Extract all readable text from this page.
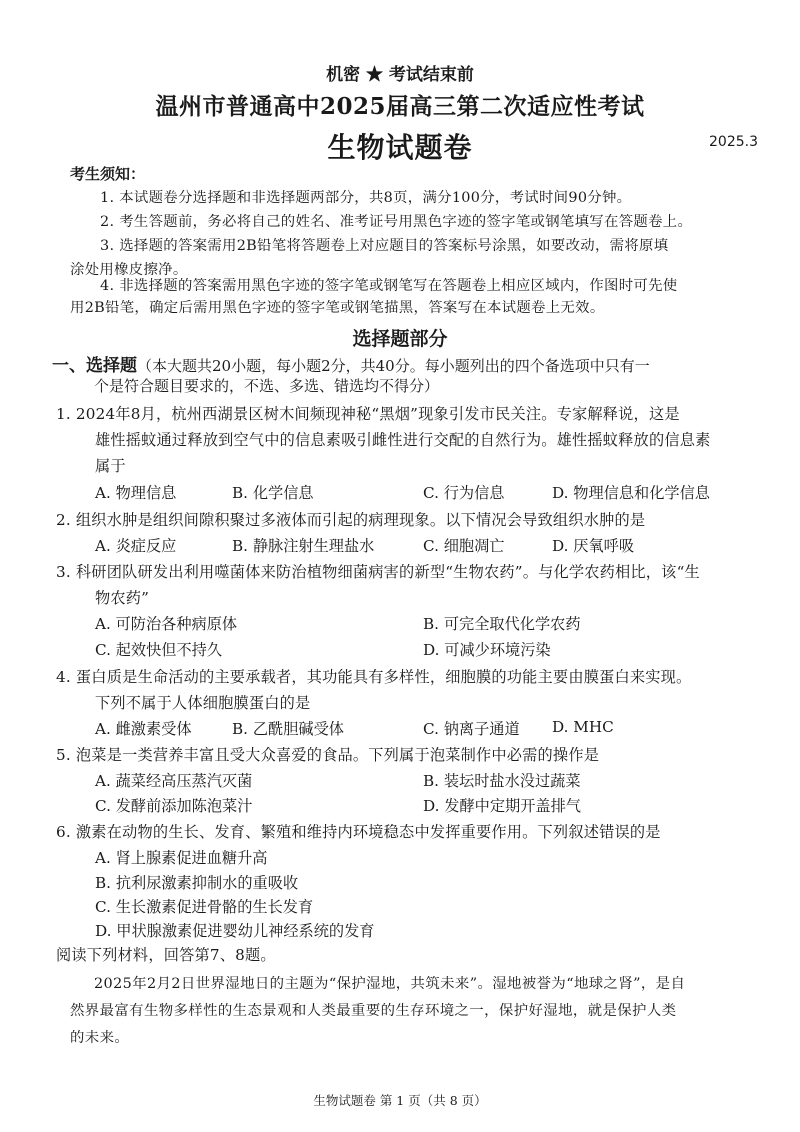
机密 ★ 考试结束前
温州市普通高中2025届高三第二次适应性考试
生物试题卷	2025.3
考生须知：
1. 本试题卷分选择题和非选择题两部分，共8页，满分100分，考试时间90分钟。
2. 考生答题前，务必将自己的姓名、准考证号用黑色字迹的签字笔或钢笔填写在答题卷上。
3. 选择题的答案需用2B铅笔将答题卷上对应题目的答案标号涂黑，如要改动，需将原填
涂处用橡皮擦净。
4. 非选择题的答案需用黑色字迹的签字笔或钢笔写在答题卷上相应区域内，作图时可先使
用2B铅笔，确定后需用黑色字迹的签字笔或钢笔描黑，答案写在本试题卷上无效。
选择题部分
一、选择题（本大题共20小题，每小题2分，共40分。每小题列出的四个备选项中只有一
个是符合题目要求的，不选、多选、错选均不得分）
1. 2024年8月，杭州西湖景区树木间频现神秘“黑烟”现象引发市民关注。专家解释说，这是
雄性摇蚊通过释放到空气中的信息素吸引雌性进行交配的自然行为。雄性摇蚊释放的信息素
属于
A. 物理信息	B. 化学信息	C. 行为信息	D. 物理信息和化学信息
2. 组织水肿是组织间隙积聚过多液体而引起的病理现象。以下情况会导致组织水肿的是
A. 炎症反应	B. 静脉注射生理盐水	C. 细胞凋亡	D. 厌氧呼吸
3. 科研团队研发出利用噬菌体来防治植物细菌病害的新型“生物农药”。与化学农药相比，该“生
物农药”
A. 可防治各种病原体	B. 可完全取代化学农药
C. 起效快但不持久	D. 可减少环境污染
4. 蛋白质是生命活动的主要承载者，其功能具有多样性，细胞膜的功能主要由膜蛋白来实现。
下列不属于人体细胞膜蛋白的是
A. 雌激素受体	B. 乙酰胆碱受体	C. 钠离子通道 D. MHC
5. 泡菜是一类营养丰富且受大众喜爱的食品。下列属于泡菜制作中必需的操作是
A. 蔬菜经高压蒸汽灭菌	B. 装坛时盐水没过蔬菜
C. 发酵前添加陈泡菜汁	D. 发酵中定期开盖排气
6. 激素在动物的生长、发育、繁殖和维持内环境稳态中发挥重要作用。下列叙述错误的是
A. 肾上腺素促进血糖升高
B. 抗利尿激素抑制水的重吸收
C. 生长激素促进骨骼的生长发育
D. 甲状腺激素促进婴幼儿神经系统的发育
阅读下列材料，回答第7、8题。
2025年2月2日世界湿地日的主题为“保护湿地，共筑未来”。湿地被誉为“地球之肾”，是自
然界最富有生物多样性的生态景观和人类最重要的生存环境之一，保护好湿地，就是保护人类
的未来。
生物试题卷 第 1 页（共 8 页）
